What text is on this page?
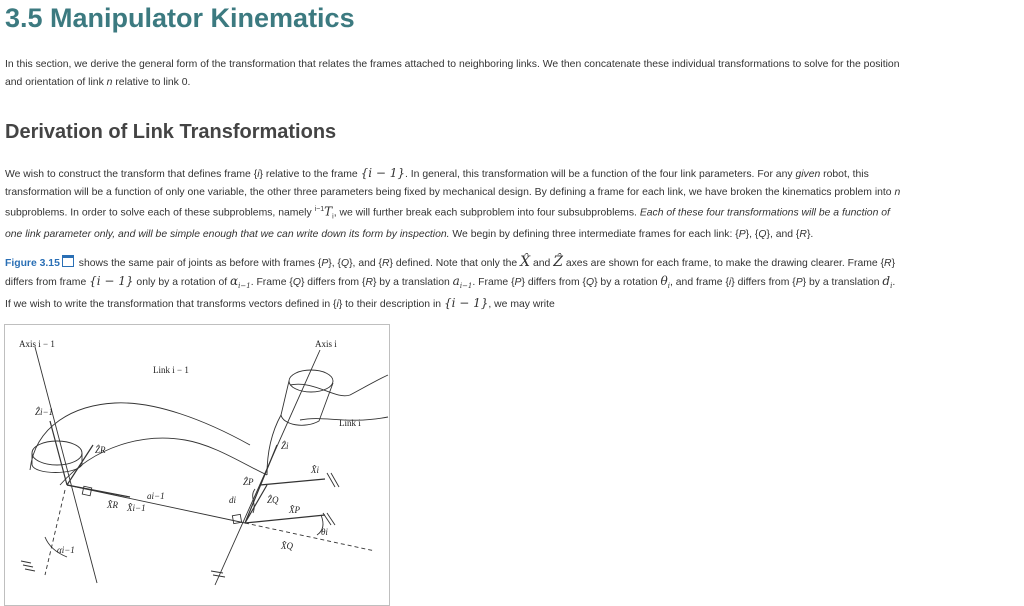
3.5 Manipulator Kinematics

In this section, we derive the general form of the transformation that relates the frames attached to neighboring links. We then concatenate these individual transformations to solve for the position
and orientation of link n relative to link 0.

Derivation of Link Transformations

We wish to construct the transform that defines frame {i} relative to the frame {i − 1}. In general, this transformation will be a function of the four link parameters. For any given robot, this
transformation will be a function of only one variable, the other three parameters being fixed by mechanical design. By defining a frame for each link, we have broken the kinematics problem into n
subproblems. In order to solve each of these subproblems, namely $^{i-1}T_i$, we will further break each subproblem into four subsubproblems. Each of these four transformations will be a function of
one link parameter only, and will be simple enough that we can write down its form by inspection. We begin by defining three intermediate frames for each link: {P}, {Q}, and {R}.

Figure 3.15 shows the same pair of joints as before with frames {P}, {Q}, and {R} defined. Note that only the X̂ and Ẑ axes are shown for each frame, to make the drawing clearer. Frame {R}
differs from frame {i − 1} only by a rotation of $\alpha_{i-1}$. Frame {Q} differs from {R} by a translation $a_{i-1}$. Frame {P} differs from {Q} by a rotation $\theta_i$, and frame {i} differs from {P} by a translation $d_i$.
If we wish to write the transformation that transforms vectors defined in {i} to their description in {i − 1}, we may write

Axis i − 1	Axis i
Link i − 1
Link i
Ẑi−1
ẐR
X̂R X̂i−1
ai−1
αi−1
Ẑi
X̂i
ẐP
ẐQ
X̂P
X̂Q
di
θi
